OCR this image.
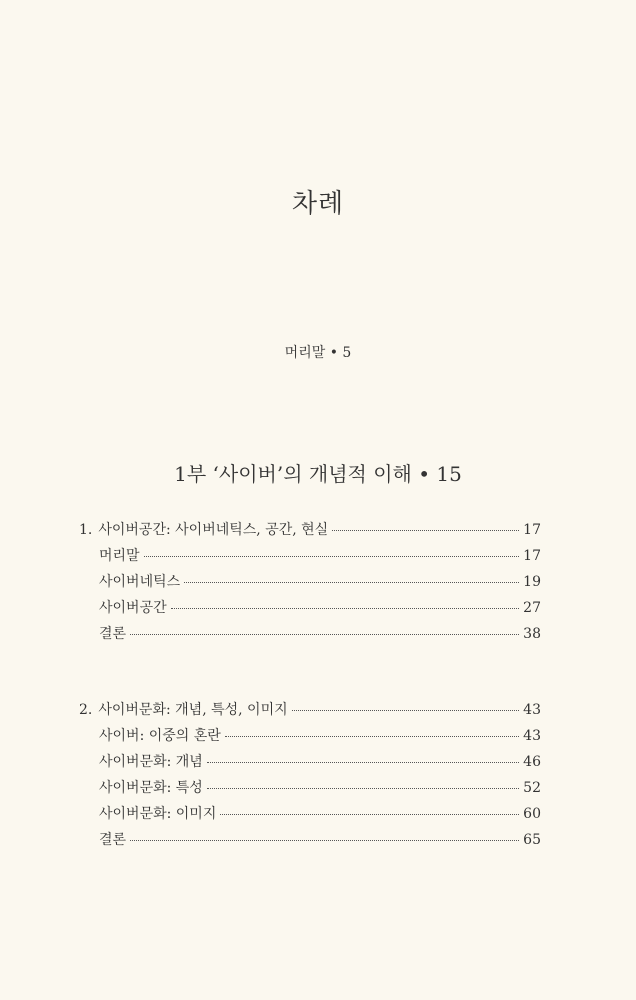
차례
머리말 • 5
1부 ‘사이버’의 개념적 이해 • 15
1. 사이버공간: 사이버네틱스, 공간, 현실	17
머리말	17
사이버네틱스	19
사이버공간	27
결론	38
2. 사이버문화: 개념, 특성, 이미지	43
사이버: 이중의 혼란	43
사이버문화: 개념	46
사이버문화: 특성	52
사이버문화: 이미지	60
결론	65
